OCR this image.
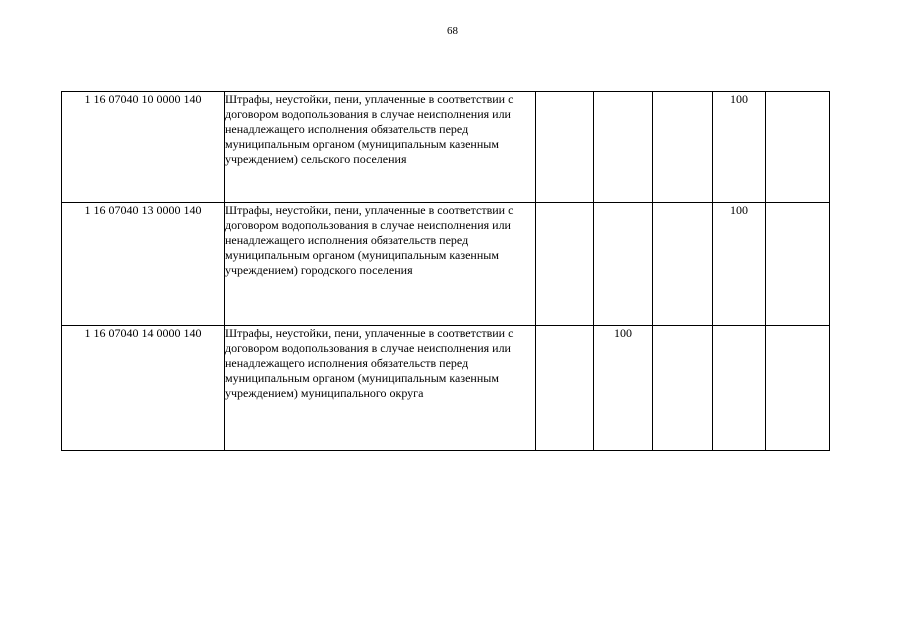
68
1 16 07040 10 0000 140	Штрафы, неустойки, пени, уплаченные в соответствии с договором водопользования в случае неисполнения или ненадлежащего исполнения обязательств перед муниципальным органом (муниципальным казенным учреждением) сельского поселения				100	
1 16 07040 13 0000 140	Штрафы, неустойки, пени, уплаченные в соответствии с договором водопользования в случае неисполнения или ненадлежащего исполнения обязательств перед муниципальным органом (муниципальным казенным учреждением) городского поселения				100	
1 16 07040 14 0000 140	Штрафы, неустойки, пени, уплаченные в соответствии с договором водопользования в случае неисполнения или ненадлежащего исполнения обязательств перед муниципальным органом (муниципальным казенным учреждением) муниципального округа		100			
